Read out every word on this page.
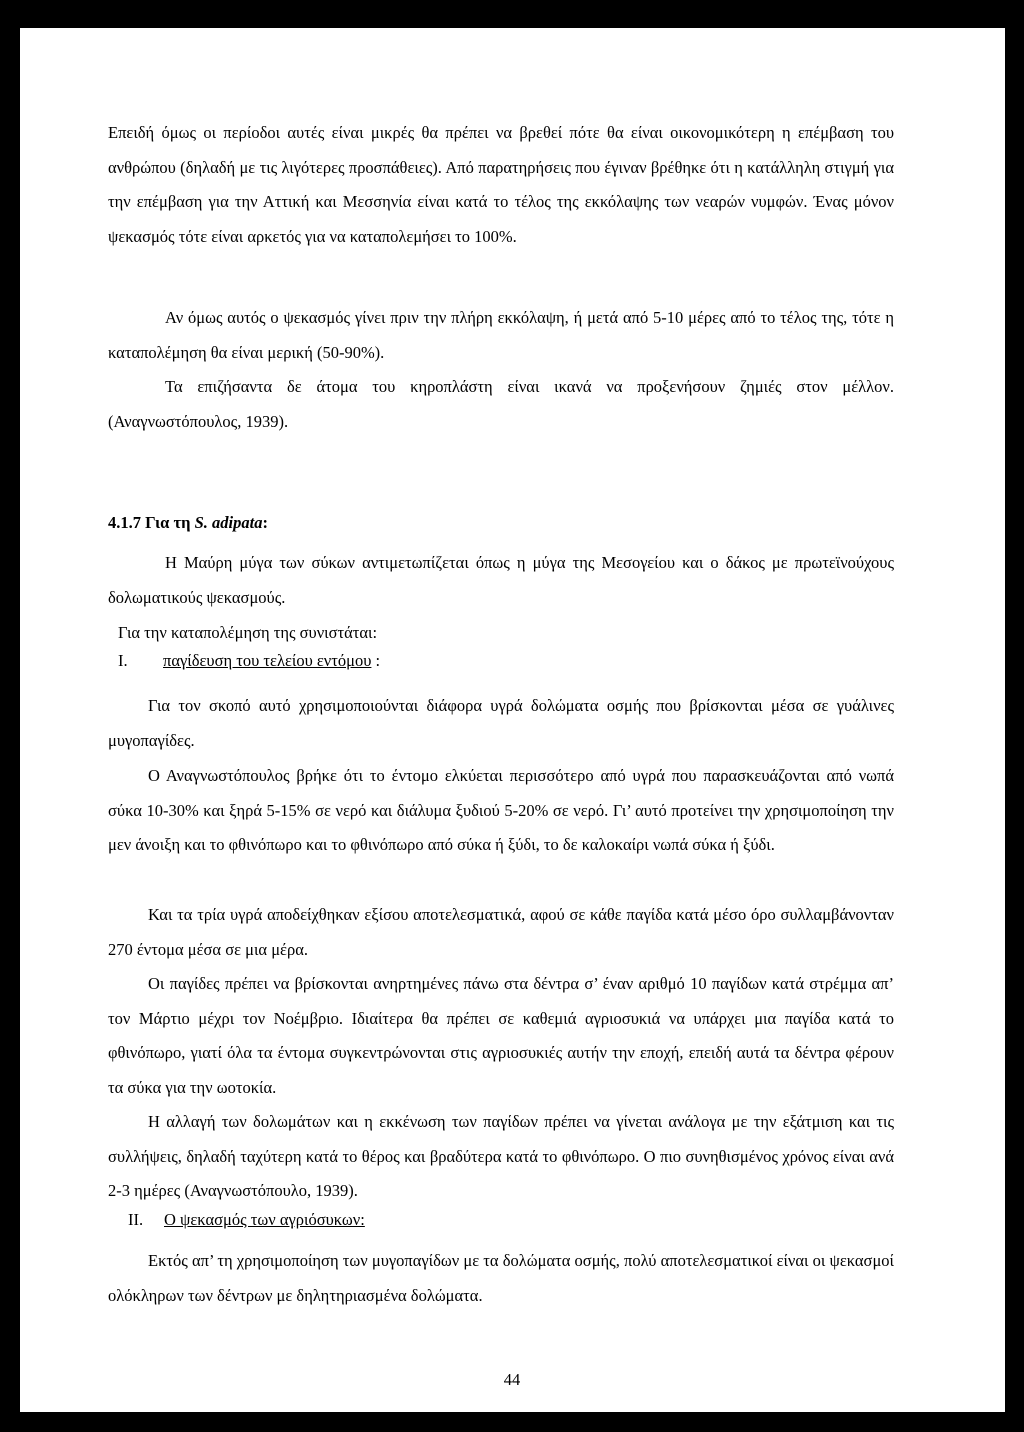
Επειδή όμως οι περίοδοι αυτές είναι μικρές θα πρέπει να βρεθεί πότε θα είναι οικονομικότερη η επέμβαση του ανθρώπου (δηλαδή με τις λιγότερες προσπάθειες). Από παρατηρήσεις που έγιναν βρέθηκε ότι η κατάλληλη στιγμή για την επέμβαση για την Αττική και Μεσσηνία είναι κατά το τέλος της εκκόλαψης των νεαρών νυμφών. Ένας μόνον ψεκασμός τότε είναι αρκετός για να καταπολεμήσει το 100%.

Αν όμως αυτός ο ψεκασμός γίνει πριν την πλήρη εκκόλαψη, ή μετά από 5-10 μέρες από το τέλος της, τότε η καταπολέμηση θα είναι μερική (50-90%).

Τα επιζήσαντα δε άτομα του κηροπλάστη είναι ικανά να προξενήσουν ζημιές στον μέλλον. (Αναγνωστόπουλος, 1939).

4.1.7 Για τη S. adipata:

Η Μαύρη μύγα των σύκων αντιμετωπίζεται όπως η μύγα της Μεσογείου και ο δάκος με πρωτεϊνούχους δολωματικούς ψεκασμούς.

Για την καταπολέμηση της συνιστάται:

I. παγίδευση του τελείου εντόμου :

Για τον σκοπό αυτό χρησιμοποιούνται διάφορα υγρά δολώματα οσμής που βρίσκονται μέσα σε γυάλινες μυγοπαγίδες.

Ο Αναγνωστόπουλος βρήκε ότι το έντομο ελκύεται περισσότερο από υγρά που παρασκευάζονται από νωπά σύκα 10-30% και ξηρά 5-15% σε νερό και διάλυμα ξυδιού 5-20% σε νερό. Γι’ αυτό προτείνει την χρησιμοποίηση την μεν άνοιξη και το φθινόπωρο και το φθινόπωρο από σύκα ή ξύδι, το δε καλοκαίρι νωπά σύκα ή ξύδι.

Και τα τρία υγρά αποδείχθηκαν εξίσου αποτελεσματικά, αφού σε κάθε παγίδα κατά μέσο όρο συλλαμβάνονταν 270 έντομα μέσα σε μια μέρα.

Οι παγίδες πρέπει να βρίσκονται ανηρτημένες πάνω στα δέντρα σ’ έναν αριθμό 10 παγίδων κατά στρέμμα απ’ τον Μάρτιο μέχρι τον Νοέμβριο. Ιδιαίτερα θα πρέπει σε καθεμιά αγριοσυκιά να υπάρχει μια παγίδα κατά το φθινόπωρο, γιατί όλα τα έντομα συγκεντρώνονται στις αγριοσυκιές αυτήν την εποχή, επειδή αυτά τα δέντρα φέρουν τα σύκα για την ωοτοκία.

Η αλλαγή των δολωμάτων και η εκκένωση των παγίδων πρέπει να γίνεται ανάλογα με την εξάτμιση και τις συλλήψεις, δηλαδή ταχύτερη κατά το θέρος και βραδύτερα κατά το φθινόπωρο. Ο πιο συνηθισμένος χρόνος είναι ανά 2-3 ημέρες (Αναγνωστόπουλο, 1939).

II. Ο ψεκασμός των αγριόσυκων:

Εκτός απ’ τη χρησιμοποίηση των μυγοπαγίδων με τα δολώματα οσμής, πολύ αποτελεσματικοί είναι οι ψεκασμοί ολόκληρων των δέντρων με δηλητηριασμένα δολώματα.

44
